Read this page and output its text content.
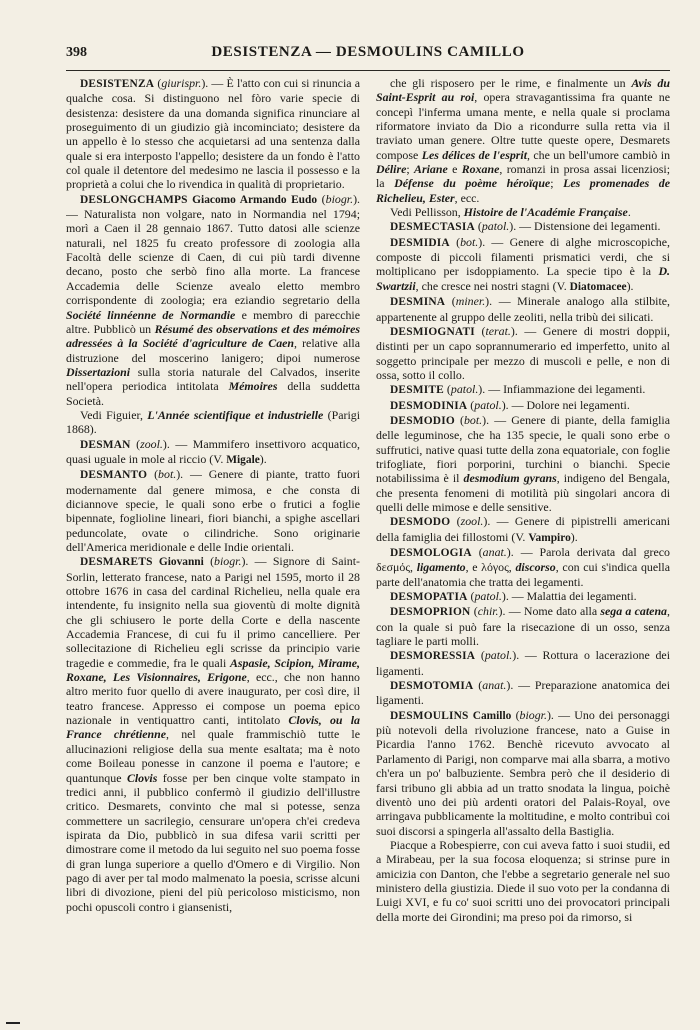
398	DESISTENZA — DESMOULINS CAMILLO

DESISTENZA (giurispr.). — È l'atto con cui si rinuncia a qualche cosa. Si distinguono nel fòro varie specie di desistenza: desistere da una domanda significa rinunciare al proseguimento di un giudizio già incominciato; desistere da un appello è lo stesso che acquietarsi ad una sentenza dalla quale si era interposto l'appello; desistere da un fondo è l'atto col quale il detentore del medesimo ne lascia il possesso e la proprietà a colui che lo rivendica in qualità di proprietario.

DESLONGCHAMPS Giacomo Armando Eudo (biogr.). — Naturalista non volgare, nato in Normandia nel 1794; morì a Caen il 28 gennaio 1867. Tutto datosi alle scienze naturali, nel 1825 fu creato professore di zoologia alla Facoltà delle scienze di Caen, di cui più tardi divenne decano, posto che serbò fino alla morte. La francese Accademia delle Scienze avealo eletto membro corrispondente di zoologia; era eziandio segretario della Société linnéenne de Normandie e membro di parecchie altre. Pubblicò un Résumé des observations et des mémoires adressées à la Société d'agriculture de Caen, relative alla distruzione del moscerino lanigero; dipoi numerose Dissertazioni sulla storia naturale del Calvados, inserite nell'opera periodica intitolata Mémoires della suddetta Società.

Vedi Figuier, L'Année scientifique et industrielle (Parigi 1868).

DESMAN (zool.). — Mammifero insettivoro acquatico, quasi uguale in mole al riccio (V. Migale).

DESMANTO (bot.). — Genere di piante, tratto fuori modernamente dal genere mimosa, e che consta di diciannove specie, le quali sono erbe o frutici a foglie bipennate, foglioline lineari, fiori bianchi, a spighe ascellari peduncolate, ovate o cilindriche. Sono originarie dell'America meridionale e delle Indie orientali.

DESMARETS Giovanni (biogr.). — Signore di Saint-Sorlin, letterato francese, nato a Parigi nel 1595, morto il 28 ottobre 1676 in casa del cardinal Richelieu, nella quale era intendente, fu insignito nella sua gioventù di molte dignità che gli schiusero le porte della Corte e della nascente Accademia Francese, di cui fu il primo cancelliere. Per sollecitazione di Richelieu egli scrisse da principio varie tragedie e commedie, fra le quali Aspasie, Scipion, Mirame, Roxane, Les Visionnaires, Erigone, ecc., che non hanno altro merito fuor quello di avere inaugurato, per così dire, il teatro francese. Appresso ei compose un poema epico nazionale in ventiquattro canti, intitolato Clovis, ou la France chrétienne, nel quale frammischiò tutte le allucinazioni religiose della sua mente esaltata; ma è noto come Boileau ponesse in canzone il poema e l'autore; e quantunque Clovis fosse per ben cinque volte stampato in tredici anni, il pubblico confermò il giudizio dell'illustre critico. Desmarets, convinto che mal si potesse, senza commettere un sacrilegio, censurare un'opera ch'ei credeva ispirata da Dio, pubblicò in sua difesa varii scritti per dimostrare come il metodo da lui seguito nel suo poema fosse di gran lunga superiore a quello d'Omero e di Virgilio. Non pago di aver per tal modo malmenato la poesia, scrisse alcuni libri di divozione, pieni del più pericoloso misticismo, non pochi opuscoli contro i giansenisti,

che gli risposero per le rime, e finalmente un Avis du Saint-Esprit au roi, opera stravagantissima fra quante ne concepì l'inferma umana mente, e nella quale si proclama riformatore inviato da Dio a ricondurre sulla retta via il traviato uman genere. Oltre tutte queste opere, Desmarets compose Les délices de l'esprit, che un bell'umore cambiò in Délire; Ariane e Roxane, romanzi in prosa assai licenziosi; la Défense du poème héroïque; Les promenades de Richelieu, Ester, ecc.

Vedi Pellisson, Histoire de l'Académie Française.

DESMECTASIA (patol.). — Distensione dei legamenti.

DESMIDIA (bot.). — Genere di alghe microscopiche, composte di piccoli filamenti prismatici verdi, che si moltiplicano per isdoppiamento. La specie tipo è la D. Swartzii, che cresce nei nostri stagni (V. Diatomacee).

DESMINA (miner.). — Minerale analogo alla stilbite, appartenente al gruppo delle zeoliti, nella tribù dei silicati.

DESMIOGNATI (terat.). — Genere di mostri doppii, distinti per un capo soprannumerario ed imperfetto, unito al soggetto principale per mezzo di muscoli e pelle, e non di ossa, sotto il collo.

DESMITE (patol.). — Infiammazione dei legamenti.

DESMODINIA (patol.). — Dolore nei legamenti.

DESMODIO (bot.). — Genere di piante, della famiglia delle leguminose, che ha 135 specie, le quali sono erbe o suffrutici, native quasi tutte della zona equatoriale, con foglie trifogliate, fiori porporini, turchini o bianchi. Specie notabilissima è il desmodium gyrans, indigeno del Bengala, che presenta fenomeni di motilità più singolari ancora di quelli delle mimose e delle sensitive.

DESMODO (zool.). — Genere di pipistrelli americani della famiglia dei fillostomi (V. Vampiro).

DESMOLOGIA (anat.). — Parola derivata dal greco δεσμός, ligamento, e λόγος, discorso, con cui s'indica quella parte dell'anatomia che tratta dei legamenti.

DESMOPATIA (patol.). — Malattia dei legamenti.

DESMOPRION (chir.). — Nome dato alla sega a catena, con la quale si può fare la risecazione di un osso, senza tagliare le parti molli.

DESMORESSIA (patol.). — Rottura o lacerazione dei ligamenti.

DESMOTOMIA (anat.). — Preparazione anatomica dei ligamenti.

DESMOULINS Camillo (biogr.). — Uno dei personaggi più notevoli della rivoluzione francese, nato a Guise in Picardia l'anno 1762. Benchè ricevuto avvocato al Parlamento di Parigi, non comparve mai alla sbarra, a motivo ch'era un po' balbuziente. Sembra però che il desiderio di farsi tribuno gli abbia ad un tratto snodata la lingua, poichè diventò uno dei più ardenti oratori del Palais-Royal, ove arringava pubblicamente la moltitudine, e molto contribuì coi suoi discorsi a spingerla all'assalto della Bastiglia.

Piacque a Robespierre, con cui aveva fatto i suoi studii, ed a Mirabeau, per la sua focosa eloquenza; si strinse pure in amicizia con Danton, che l'ebbe a segretario generale nel suo ministero della giustizia. Diede il suo voto per la condanna di Luigi XVI, e fu co' suoi scritti uno dei provocatori principali della morte dei Girondini; ma preso poi da rimorso, si
